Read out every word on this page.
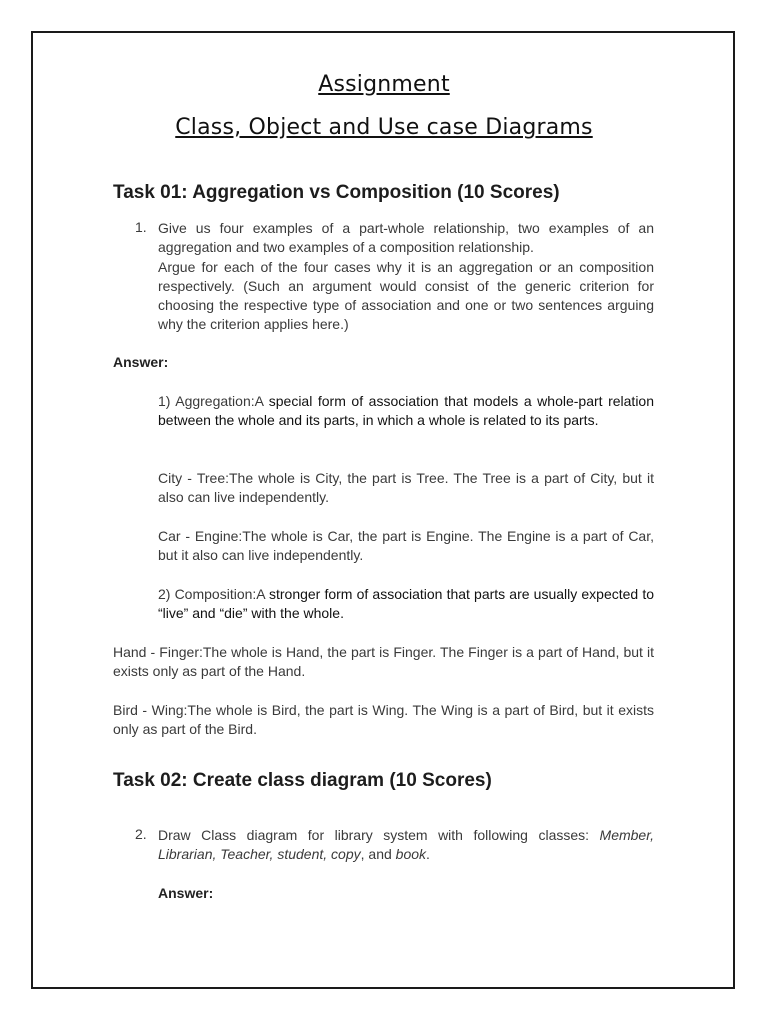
Assignment
Class, Object and Use case Diagrams
Task 01: Aggregation vs Composition (10 Scores)
1. Give us four examples of a part-whole relationship, two examples of an aggregation and two examples of a composition relationship.
Argue for each of the four cases why it is an aggregation or an composition respectively. (Such an argument would consist of the generic criterion for choosing the respective type of association and one or two sentences arguing why the criterion applies here.)
Answer:
1) Aggregation:A special form of association that models a whole-part relation between the whole and its parts, in which a whole is related to its parts.
City - Tree:The whole is City, the part is Tree. The Tree is a part of City, but it also can live independently.
Car - Engine:The whole is Car, the part is Engine. The Engine is a part of Car, but it also can live independently.
2) Composition:A stronger form of association that parts are usually expected to “live” and “die” with the whole.
Hand - Finger:The whole is Hand, the part is Finger. The Finger is a part of Hand, but it exists only as part of the Hand.
Bird - Wing:The whole is Bird, the part is Wing. The Wing is a part of Bird, but it exists only as part of the Bird.
Task 02: Create class diagram (10 Scores)
2. Draw Class diagram for library system with following classes: Member, Librarian, Teacher, student, copy, and book.
Answer:
